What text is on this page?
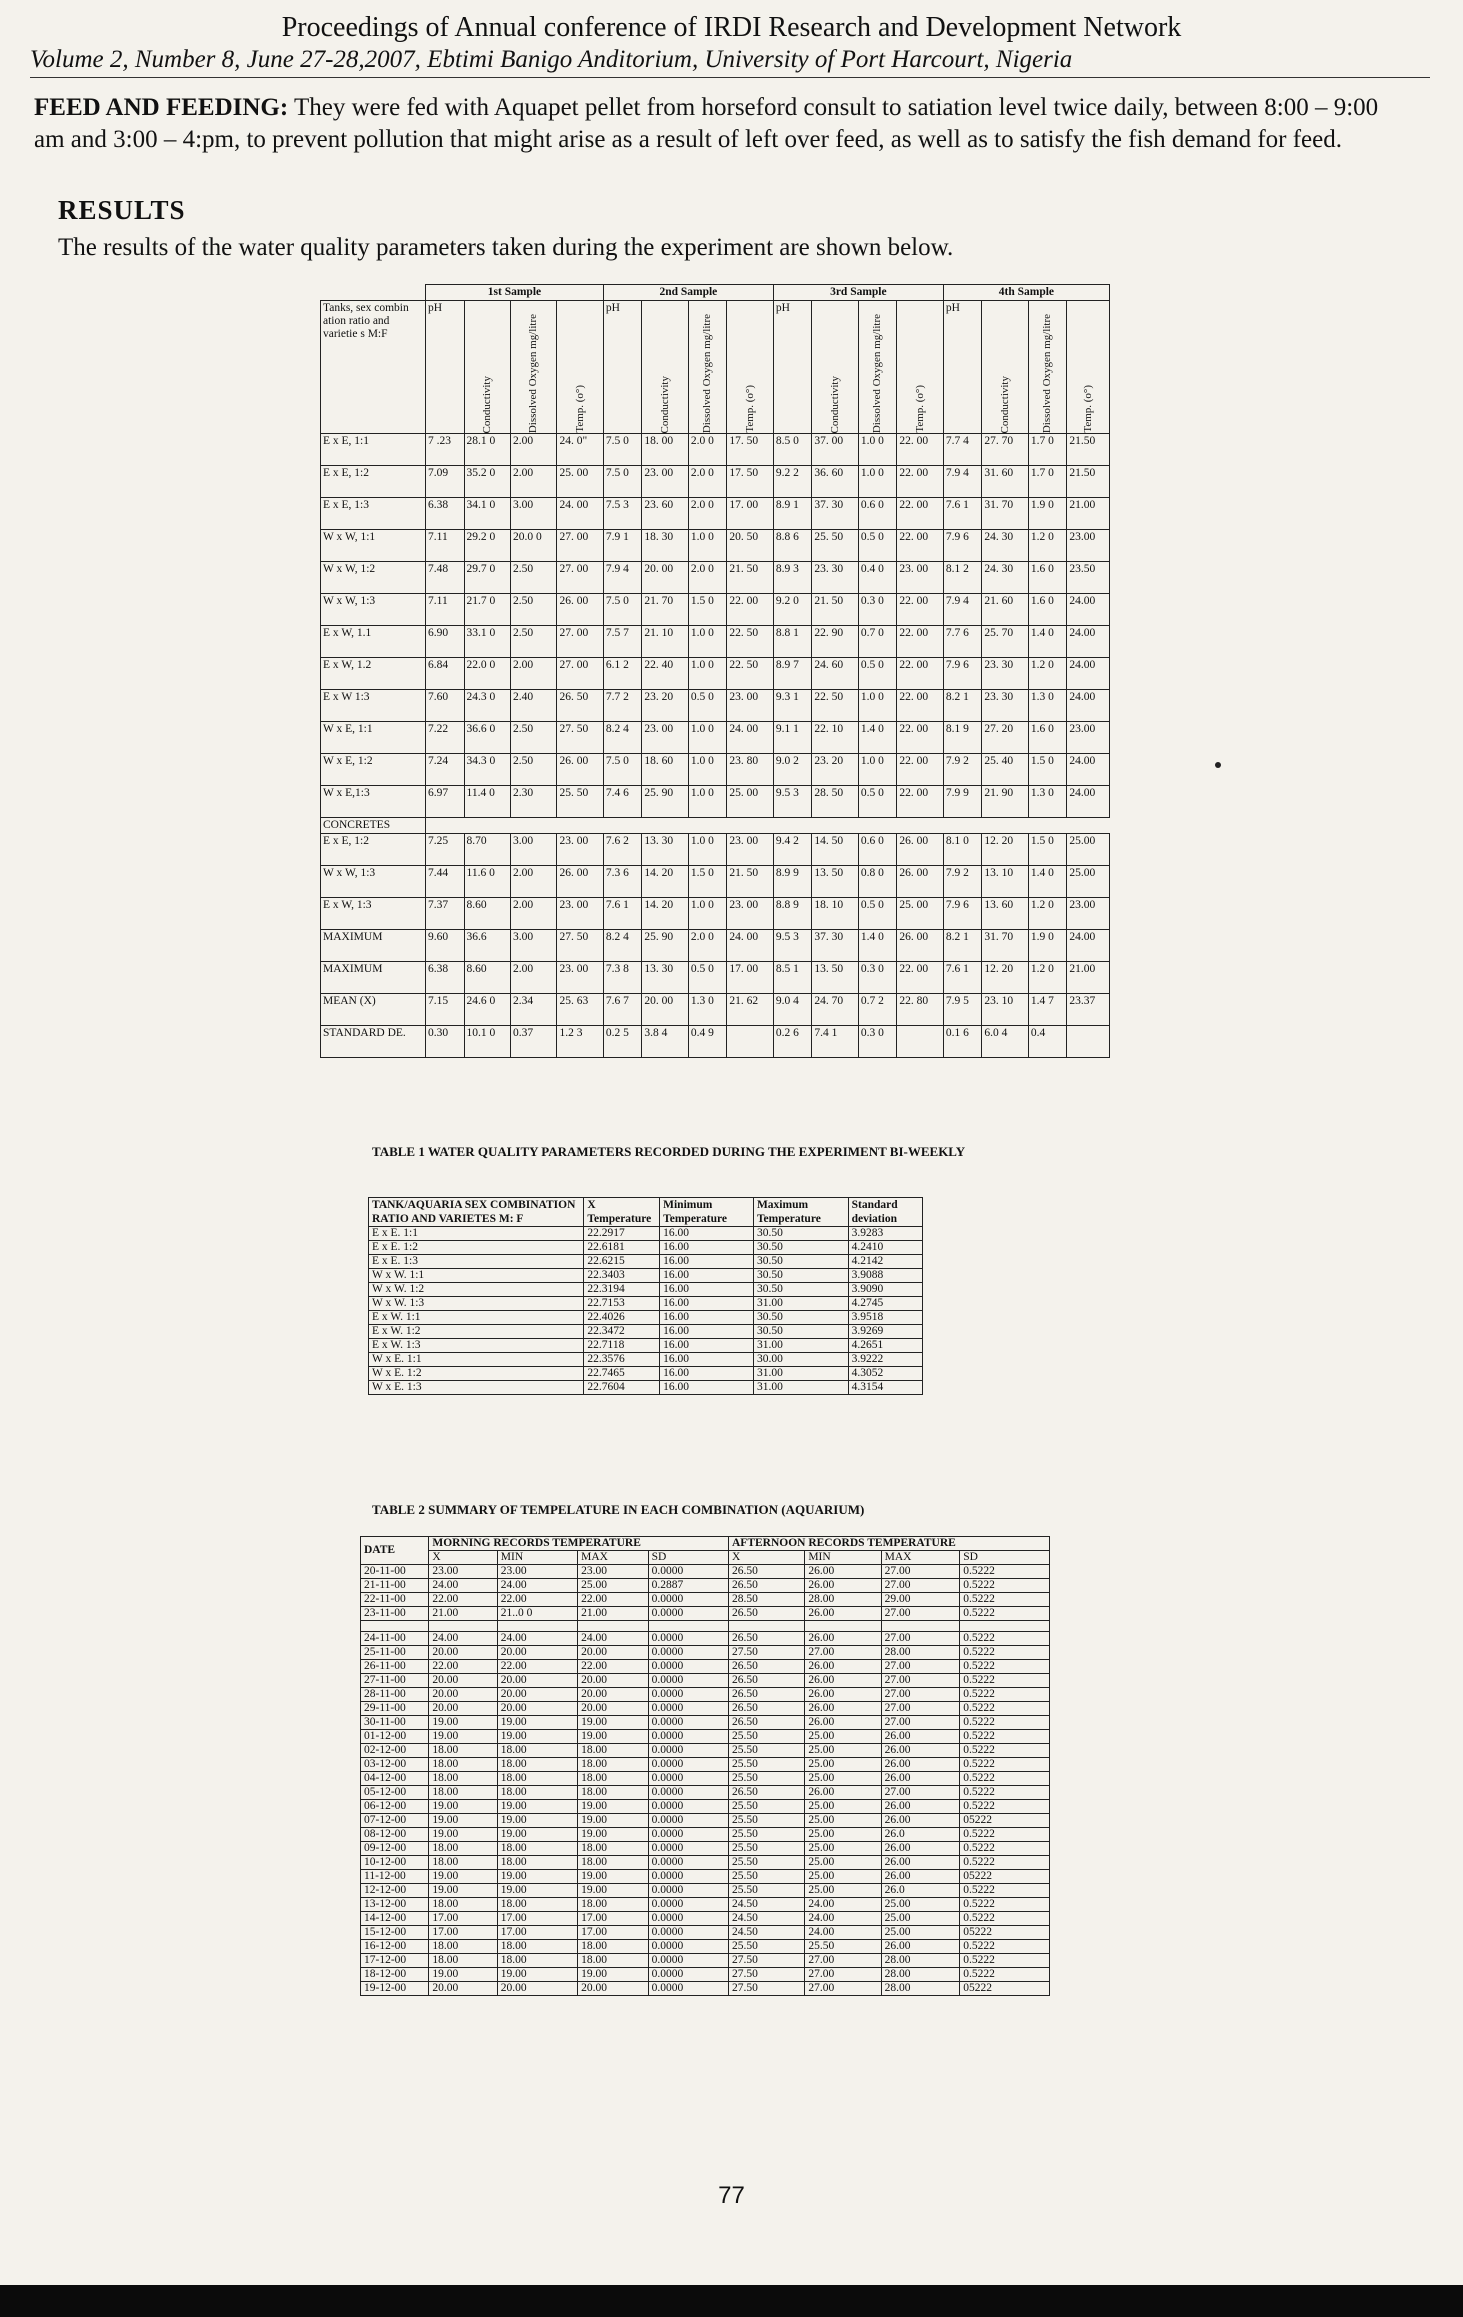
Proceedings of Annual conference of IRDI Research and Development Network
Volume 2, Number 8, June 27-28,2007, Ebtimi Banigo Anditorium, University of Port Harcourt, Nigeria
FEED AND FEEDING: They were fed with Aquapet pellet from horseford consult to satiation level twice daily, between 8:00 – 9:00 am and 3:00 – 4:pm, to prevent pollution that might arise as a result of left over feed, as well as to satisfy the fish demand for feed.
RESULTS
The results of the water quality parameters taken during the experiment are shown below.
	1st Sample				2nd Sample				3rd Sample				4th Sample			
Tanks, sex combin ation ratio and varietie s M:F	pH	Conductivity	Dissolved Oxygen mg/litre	Temp. (o°)	pH	Conductivity	Dissolved Oxygen mg/litre	Temp. (o°)	pH	Conductivity	Dissolved Oxygen mg/litre	Temp. (o°)	pH	Conductivity	Dissolved Oxygen mg/litre	Temp. (o°)

E x E, 1:1	7 .23	28.1 0	2.00	24. 0"	7.5 0	18. 00	2.0 0	17. 50	8.5 0	37. 00	1.0 0	22. 00	7.7 4	27. 70	1.7 0	21.50
E x E, 1:2	7.09	35.2 0	2.00	25. 00	7.5 0	23. 00	2.0 0	17. 50	9.2 2	36. 60	1.0 0	22. 00	7.9 4	31. 60	1.7 0	21.50
E x E, 1:3	6.38	34.1 0	3.00	24. 00	7.5 3	23. 60	2.0 0	17. 00	8.9 1	37. 30	0.6 0	22. 00	7.6 1	31. 70	1.9 0	21.00
W x W, 1:1	7.11	29.2 0	20.0 0	27. 00	7.9 1	18. 30	1.0 0	20. 50	8.8 6	25. 50	0.5 0	22. 00	7.9 6	24. 30	1.2 0	23.00
W x W, 1:2	7.48	29.7 0	2.50	27. 00	7.9 4	20. 00	2.0 0	21. 50	8.9 3	23. 30	0.4 0	23. 00	8.1 2	24. 30	1.6 0	23.50
W x W, 1:3	7.11	21.7 0	2.50	26. 00	7.5 0	21. 70	1.5 0	22. 00	9.2 0	21. 50	0.3 0	22. 00	7.9 4	21. 60	1.6 0	24.00
E x W, 1.1	6.90	33.1 0	2.50	27. 00	7.5 7	21. 10	1.0 0	22. 50	8.8 1	22. 90	0.7 0	22. 00	7.7 6	25. 70	1.4 0	24.00
E x W, 1.2	6.84	22.0 0	2.00	27. 00	6.1 2	22. 40	1.0 0	22. 50	8.9 7	24. 60	0.5 0	22. 00	7.9 6	23. 30	1.2 0	24.00
E x W 1:3	7.60	24.3 0	2.40	26. 50	7.7 2	23. 20	0.5 0	23. 00	9.3 1	22. 50	1.0 0	22. 00	8.2 1	23. 30	1.3 0	24.00
W x E, 1:1	7.22	36.6 0	2.50	27. 50	8.2 4	23. 00	1.0 0	24. 00	9.1 1	22. 10	1.4 0	22. 00	8.1 9	27. 20	1.6 0	23.00
W x E, 1:2	7.24	34.3 0	2.50	26. 00	7.5 0	18. 60	1.0 0	23. 80	9.0 2	23. 20	1.0 0	22. 00	7.9 2	25. 40	1.5 0	24.00
W x E,1:3	6.97	11.4 0	2.30	25. 50	7.4 6	25. 90	1.0 0	25. 00	9.5 3	28. 50	0.5 0	22. 00	7.9 9	21. 90	1.3 0	24.00
CONCRETES																
E x E, 1:2	7.25	8.70	3.00	23. 00	7.6 2	13. 30	1.0 0	23. 00	9.4 2	14. 50	0.6 0	26. 00	8.1 0	12. 20	1.5 0	25.00
W x W, 1:3	7.44	11.6 0	2.00	26. 00	7.3 6	14. 20	1.5 0	21. 50	8.9 9	13. 50	0.8 0	26. 00	7.9 2	13. 10	1.4 0	25.00
E x W, 1:3	7.37	8.60	2.00	23. 00	7.6 1	14. 20	1.0 0	23. 00	8.8 9	18. 10	0.5 0	25. 00	7.9 6	13. 60	1.2 0	23.00
MAXIMUM	9.60	36.6	3.00	27. 50	8.2 4	25. 90	2.0 0	24. 00	9.5 3	37. 30	1.4 0	26. 00	8.2 1	31. 70	1.9 0	24.00
MAXIMUM	6.38	8.60	2.00	23. 00	7.3 8	13. 30	0.5 0	17. 00	8.5 1	13. 50	0.3 0	22. 00	7.6 1	12. 20	1.2 0	21.00
MEAN (X)	7.15	24.6 0	2.34	25. 63	7.6 7	20. 00	1.3 0	21. 62	9.0 4	24. 70	0.7 2	22. 80	7.9 5	23. 10	1.4 7	23.37
STANDARD DE.	0.30	10.1 0	0.37	1.2 3	0.2 5	3.8 4	0.4 9		0.2 6	7.4 1	0.3 0		0.1 6	6.0 4	0.4	
TABLE 1 WATER QUALITY PARAMETERS RECORDED DURING THE EXPERIMENT BI-WEEKLY
TANK/AQUARIA SEX COMBINATION RATIO AND VARIETES M: F	X Temperature	Minimum Temperature	Maximum Temperature	Standard deviation
E x E. 1:1	22.2917	16.00	30.50	3.9283
E x E. 1:2	22.6181	16.00	30.50	4.2410
E x E. 1:3	22.6215	16.00	30.50	4.2142
W x W. 1:1	22.3403	16.00	30.50	3.9088
W x W. 1:2	22.3194	16.00	30.50	3.9090
W x W. 1:3	22.7153	16.00	31.00	4.2745
E x W. 1:1	22.4026	16.00	30.50	3.9518
E x W. 1:2	22.3472	16.00	30.50	3.9269
E x W. 1:3	22.7118	16.00	31.00	4.2651
W x E. 1:1	22.3576	16.00	30.00	3.9222
W x E. 1:2	22.7465	16.00	31.00	4.3052
W x E. 1:3	22.7604	16.00	31.00	4.3154
TABLE 2 SUMMARY OF TEMPELATURE IN EACH COMBINATION (AQUARIUM)
DATE	MORNING RECORDS TEMPERATURE				AFTERNOON RECORDS TEMPERATURE			
	X	MIN	MAX	SD	X	MIN	MAX	SD
20-11-00	23.00	23.00	23.00	0.0000	26.50	26.00	27.00	0.5222
21-11-00	24.00	24.00	25.00	0.2887	26.50	26.00	27.00	0.5222
22-11-00	22.00	22.00	22.00	0.0000	28.50	28.00	29.00	0.5222
23-11-00	21.00	21..0 0	21.00	0.0000	26.50	26.00	27.00	0.5222

24-11-00	24.00	24.00	24.00	0.0000	26.50	26.00	27.00	0.5222
25-11-00	20.00	20.00	20.00	0.0000	27.50	27.00	28.00	0.5222
26-11-00	22.00	22.00	22.00	0.0000	26.50	26.00	27.00	0.5222
27-11-00	20.00	20.00	20.00	0.0000	26.50	26.00	27.00	0.5222
28-11-00	20.00	20.00	20.00	0.0000	26.50	26.00	27.00	0.5222
29-11-00	20.00	20.00	20.00	0.0000	26.50	26.00	27.00	0.5222
30-11-00	19.00	19.00	19.00	0.0000	26.50	26.00	27.00	0.5222
01-12-00	19.00	19.00	19.00	0.0000	25.50	25.00	26.00	0.5222
02-12-00	18.00	18.00	18.00	0.0000	25.50	25.00	26.00	0.5222
03-12-00	18.00	18.00	18.00	0.0000	25.50	25.00	26.00	0.5222
04-12-00	18.00	18.00	18.00	0.0000	25.50	25.00	26.00	0.5222
05-12-00	18.00	18.00	18.00	0.0000	26.50	26.00	27.00	0.5222
06-12-00	19.00	19.00	19.00	0.0000	25.50	25.00	26.00	0.5222
07-12-00	19.00	19.00	19.00	0.0000	25.50	25.00	26.00	05222
08-12-00	19.00	19.00	19.00	0.0000	25.50	25.00	26.0	0.5222
09-12-00	18.00	18.00	18.00	0.0000	25.50	25.00	26.00	0.5222
10-12-00	18.00	18.00	18.00	0.0000	25.50	25.00	26.00	0.5222
11-12-00	19.00	19.00	19.00	0.0000	25.50	25.00	26.00	05222
12-12-00	19.00	19.00	19.00	0.0000	25.50	25.00	26.0	0.5222
13-12-00	18.00	18.00	18.00	0.0000	24.50	24.00	25.00	0.5222
14-12-00	17.00	17.00	17.00	0.0000	24.50	24.00	25.00	0.5222
15-12-00	17.00	17.00	17.00	0.0000	24.50	24.00	25.00	05222
16-12-00	18.00	18.00	18.00	0.0000	25.50	25.50	26.00	0.5222
17-12-00	18.00	18.00	18.00	0.0000	27.50	27.00	28.00	0.5222
18-12-00	19.00	19.00	19.00	0.0000	27.50	27.00	28.00	0.5222
19-12-00	20.00	20.00	20.00	0.0000	27.50	27.00	28.00	05222
77
